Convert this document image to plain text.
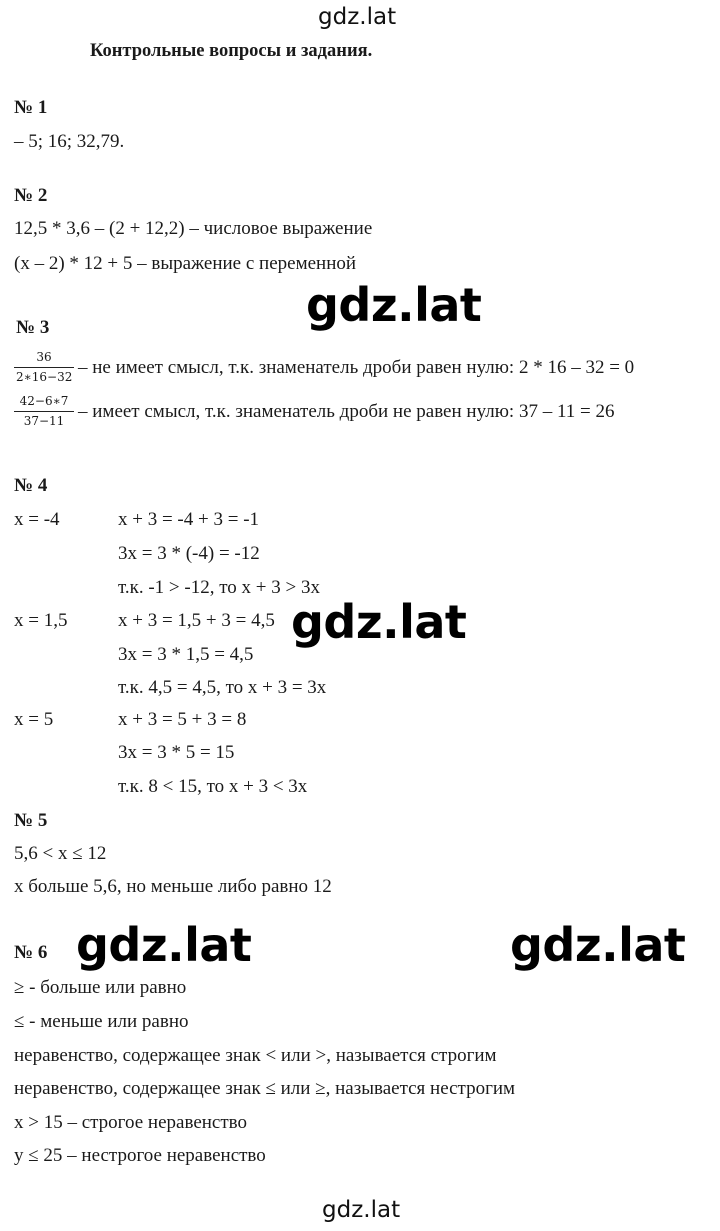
gdz.lat
Контрольные вопросы и задания.
№ 1
– 5; 16; 32,79.
№ 2
12,5 * 3,6 – (2 + 12,2) – числовое выражение
(x – 2) * 12 + 5 – выражение с переменной
gdz.lat
№ 3
$\frac{36}{2∗16-32}$ – не имеет смысл, т.к. знаменатель дроби равен нулю: 2 * 16 – 32 = 0
$\frac{42-6∗7}{37-11}$ – имеет смысл, т.к. знаменатель дроби не равен нулю: 37 – 11 = 26
№ 4
x = -4	x + 3 = -4 + 3 = -1
3x = 3 * (-4) = -12
т.к. -1 > -12, то x + 3 > 3x
x = 1,5	x + 3 = 1,5 + 3 = 4,5
3x = 3 * 1,5 = 4,5
т.к. 4,5 = 4,5, то x + 3 = 3x
x = 5	x + 3 = 5 + 3 = 8
3x = 3 * 5 = 15
т.к. 8 < 15, то x + 3 < 3x
gdz.lat
№ 5
5,6 < x ≤ 12
x больше 5,6, но меньше либо равно 12
№ 6 gdz.lat	gdz.lat
≥ - больше или равно
≤ - меньше или равно
неравенство, содержащее знак < или >, называется строгим
неравенство, содержащее знак ≤ или ≥, называется нестрогим
x > 15 – строгое неравенство
y ≤ 25 – нестрогое неравенство
gdz.lat
